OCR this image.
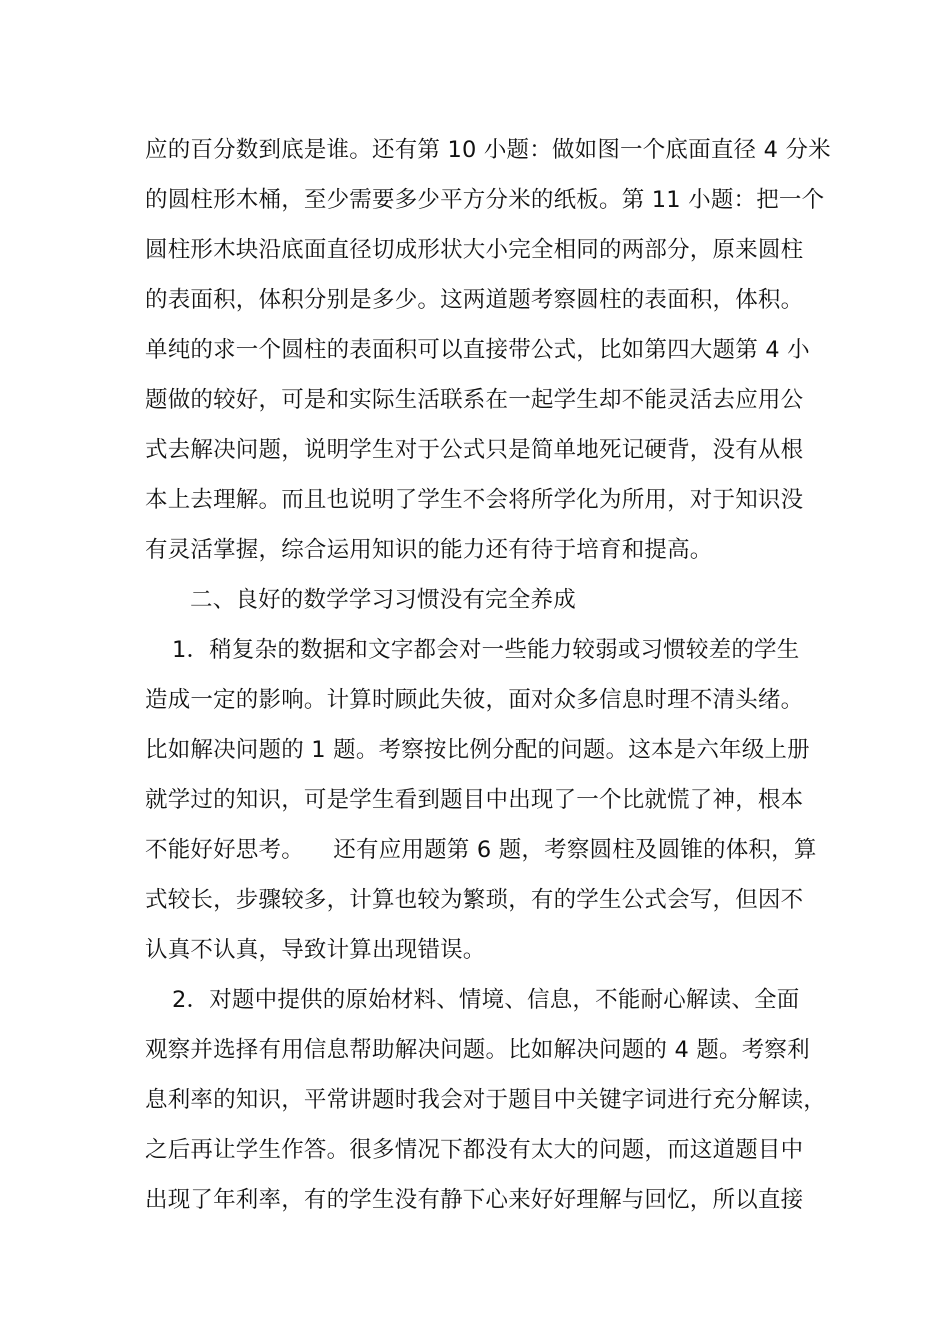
应的百分数到底是谁。还有第 10 小题：做如图一个底面直径 4 分米
的圆柱形木桶，至少需要多少平方分米的纸板。第 11 小题：把一个
圆柱形木块沿底面直径切成形状大小完全相同的两部分，原来圆柱
的表面积，体积分别是多少。这两道题考察圆柱的表面积，体积。
单纯的求一个圆柱的表面积可以直接带公式，比如第四大题第 4 小
题做的较好，可是和实际生活联系在一起学生却不能灵活去应用公
式去解决问题，说明学生对于公式只是简单地死记硬背，没有从根
本上去理解。而且也说明了学生不会将所学化为所用，对于知识没
有灵活掌握，综合运用知识的能力还有待于培育和提高。
二、良好的数学学习习惯没有完全养成
1．稍复杂的数据和文字都会对一些能力较弱或习惯较差的学生
造成一定的影响。计算时顾此失彼，面对众多信息时理不清头绪。
比如解决问题的 1 题。考察按比例分配的问题。这本是六年级上册
就学过的知识，可是学生看到题目中出现了一个比就慌了神，根本
不能好好思考。    还有应用题第 6 题，考察圆柱及圆锥的体积，算
式较长，步骤较多，计算也较为繁琐，有的学生公式会写，但因不
认真不认真，导致计算出现错误。
2．对题中提供的原始材料、情境、信息，不能耐心解读、全面
观察并选择有用信息帮助解决问题。比如解决问题的 4 题。考察利
息利率的知识，平常讲题时我会对于题目中关键字词进行充分解读，
之后再让学生作答。很多情况下都没有太大的问题，而这道题目中
出现了年利率，有的学生没有静下心来好好理解与回忆，所以直接
